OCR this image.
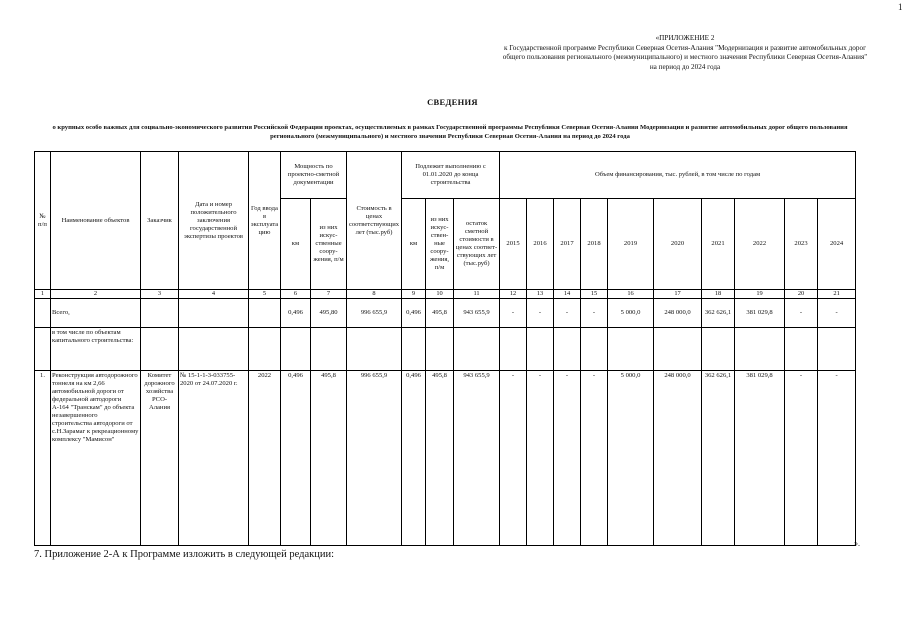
1
«ПРИЛОЖЕНИЕ 2
к Государственной программе Республики Северная Осетия-Алания "Модернизация и развитие автомобильных дорог общего пользования регионального (межмуниципального) и местного значения Республики Северная Осетия-Алания" на период до 2024 года
СВЕДЕНИЯ
о крупных особо важных для социально-экономического развития Российской Федерации проектах, осуществляемых в рамках Государственной программы Республики Северная Осетия-Алания Модернизация и развитие автомобильных дорог общего пользования регионального (межмуниципального) и местного значения Республики Северная Осетия-Алания на период до 2024 года
№ п/п	Наименование объектов	Заказчик	Дата и номер положительного заключения государственной экспертизы проектов	Год ввода в эксплуатацию	Мощность по проектно-сметной документации		Стоимость в ценах соответствующих лет (тыс.руб)	Подлежит выполнению с 01.01.2020 до конца строительства			Объем финансирования, тыс. рублей, в том числе по годам									
					км	из них искус-ственные соору-жения, п/м		км	из них искус-ствен-ные соору-жения, п/м	остаток сметной стоимости в ценах соответ-ствующих лет (тыс.руб)	2015	2016	2017	2018	2019	2020	2021	2022	2023	2024
1	2	3	4	5	6	7	8	9	10	11	12	13	14	15	16	17	18	19	20	21
	Всего,				0,496	495,80	996 655,9	0,496	495,8	943 655,9	-	-	-	-	5 000,0	248 000,0	362 626,1	381 029,8	-	-
	в том числе по объектам капитального строительства:																			
1.	Реконструкция автодорожного тоннеля на км 2,66 автомобильной дороги от федеральной автодороги А-164 "Транскам" до объекта незавершенного строительства автодороги от с.Н.Зарамаг к рекреационному комплексу "Мамисон"	Комитет дорожного хозяйства РСО-Алания	№ 15-1-1-3-033755-2020 от 24.07.2020 г.	2022	0,496	495,8	996 655,9	0,496	495,8	943 655,9	-	-	-	-	5 000,0	248 000,0	362 626,1	381 029,8	-	-
».
7. Приложение 2-А к Программе изложить в следующей редакции:
